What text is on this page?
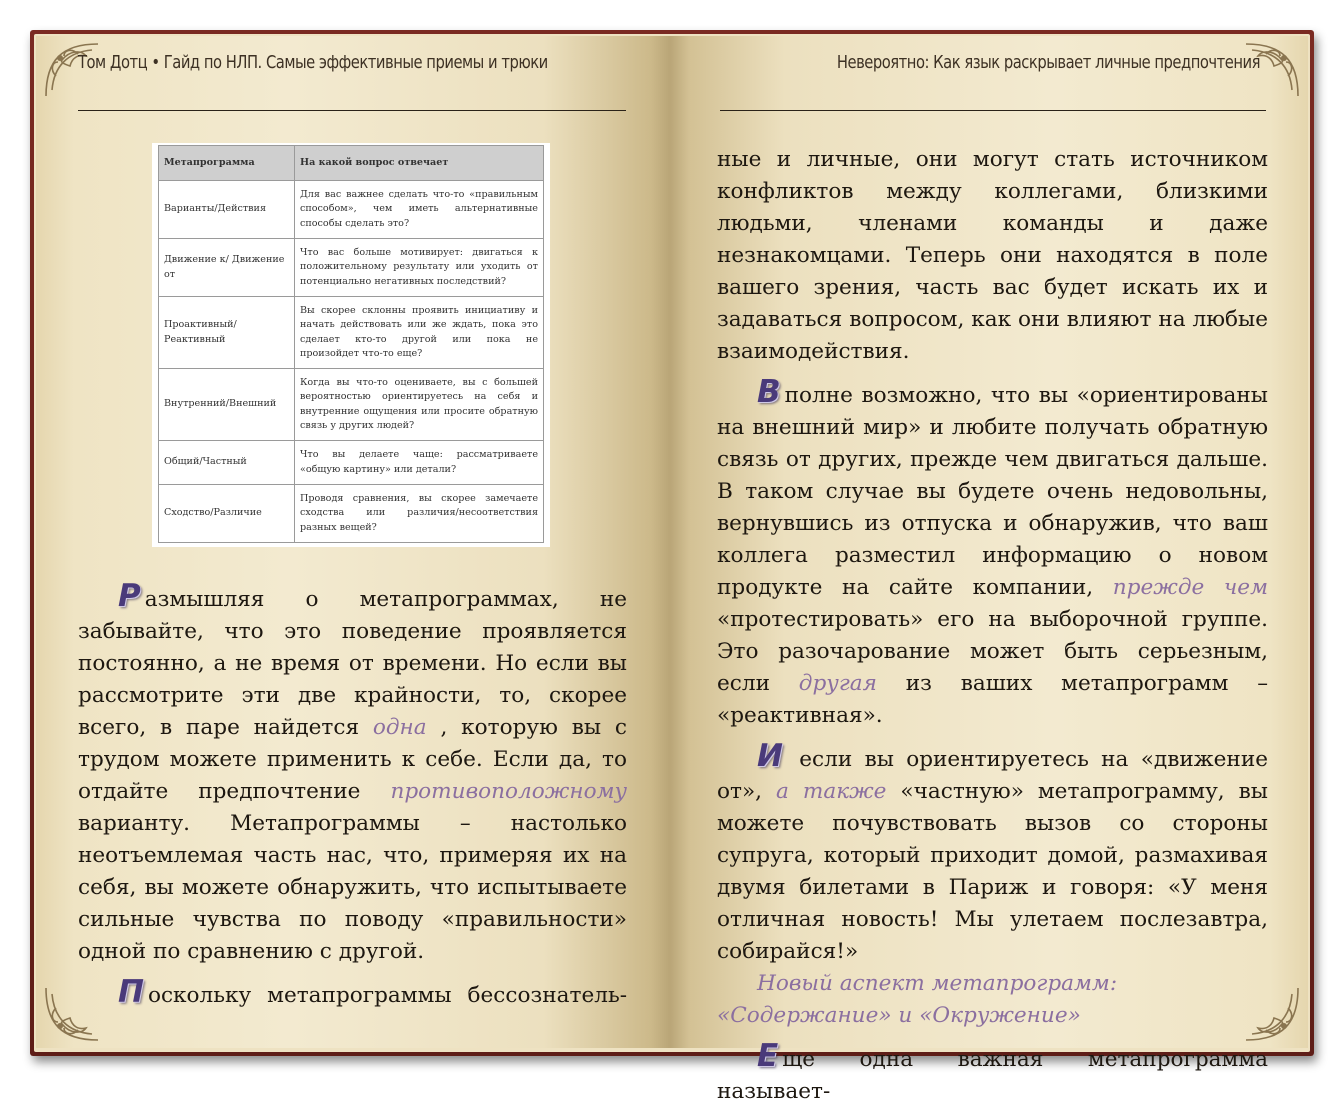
Том Дотц • Гайд по НЛП. Самые эффективные приемы и трюки	Невероятно: Как язык раскрывает личные предпочтения
Метапрограмма	На какой вопрос отвечает
Варианты/Действия	Для вас важнее сделать что-то «правильным способом», чем иметь альтернативные способы сделать это?
Движение к/ Движение от	Что вас больше мотивирует: двигаться к положительному результату или уходить от потенциально негативных последствий?
Проактивный/ Реактивный	Вы скорее склонны проявить инициативу и начать действовать или же ждать, пока это сделает кто-то другой или пока не произойдет что-то еще?
Внутренний/Внешний	Когда вы что-то оцениваете, вы с большей вероятностью ориентируетесь на себя и внутренние ощущения или просите обратную связь у других людей?
Общий/Частный	Что вы делаете чаще: рассматриваете «общую картину» или детали?
Сходство/Различие	Проводя сравнения, вы скорее замечаете сходства или различия/несоответствия разных вещей?

Р азмышляя о метапрограммах, не забывайте, что это поведение проявляется постоянно, а не время от времени. Но если вы рассмотрите эти две крайности, то, скорее всего, в паре найдется одна , которую вы с трудом можете применить к себе. Если да, то отдайте предпочтение противоположному варианту. Метапрограммы – настолько неотъемлемая часть нас, что, примеряя их на себя, вы можете обнаружить, что испытываете сильные чувства по поводу «правильности» одной по сравнению с другой.

П оскольку метапрограммы бессознатель-

ные и личные, они могут стать источником конфликтов между коллегами, близкими людьми, членами команды и даже незнакомцами. Теперь они находятся в поле вашего зрения, часть вас будет искать их и задаваться вопросом, как они влияют на любые взаимодействия.

В полне возможно, что вы «ориентированы на внешний мир» и любите получать обратную связь от других, прежде чем двигаться дальше. В таком случае вы будете очень недовольны, вернувшись из отпуска и обнаружив, что ваш коллега разместил информацию о новом продукте на сайте компании, прежде чем «протестировать» его на выборочной группе. Это разочарование может быть серьезным, если другая из ваших метапрограмм – «реактивная».

И если вы ориентируетесь на «движение от», а также «частную» метапрограмму, вы можете почувствовать вызов со стороны супруга, который приходит домой, размахивая двумя билетами в Париж и говоря: «У меня отличная новость! Мы улетаем послезавтра, собирайся!»

Новый аспект метапрограмм: «Содержание» и «Окружение»

Е ще одна важная метапрограмма называет-
